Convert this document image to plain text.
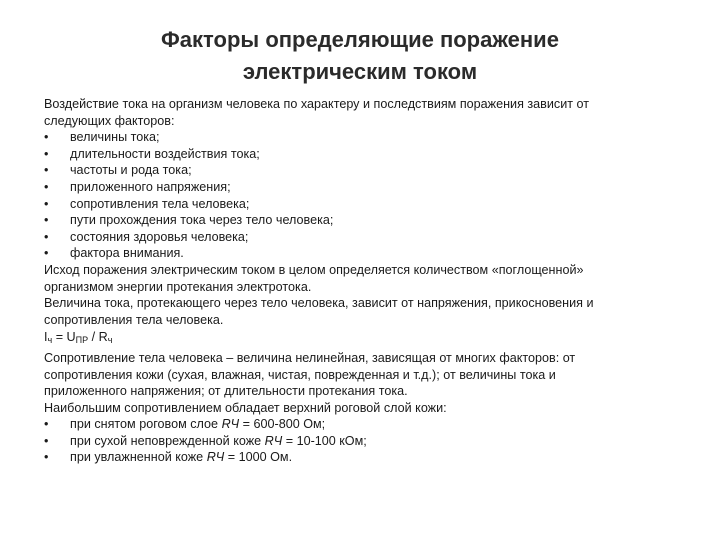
Факторы определяющие поражение
электрическим током
Воздействие тока на организм человека по характеру и последствиям поражения зависит от
следующих факторов:
• величины тока;
• длительности воздействия тока;
• частоты и рода тока;
• приложенного напряжения;
• сопротивления тела человека;
• пути прохождения тока через тело человека;
• состояния здоровья человека;
• фактора внимания.
Исход поражения электрическим током в целом определяется количеством «поглощенной»
организмом энергии протекания электротока.
Величина тока, протекающего через тело человека, зависит от напряжения, прикосновения и
сопротивления тела человека.
$I_ч = U_{ПР} / R_ч$
Сопротивление тела человека – величина нелинейная, зависящая от многих факторов: от
сопротивления кожи (сухая, влажная, чистая, поврежденная и т.д.); от величины тока и
приложенного напряжения; от длительности протекания тока.
Наибольшим сопротивлением обладает верхний роговой слой кожи:
• при снятом роговом слое RЧ = 600-800 Ом;
• при сухой неповрежденной коже RЧ = 10-100 кОм;
• при увлажненной коже RЧ = 1000 Ом.
